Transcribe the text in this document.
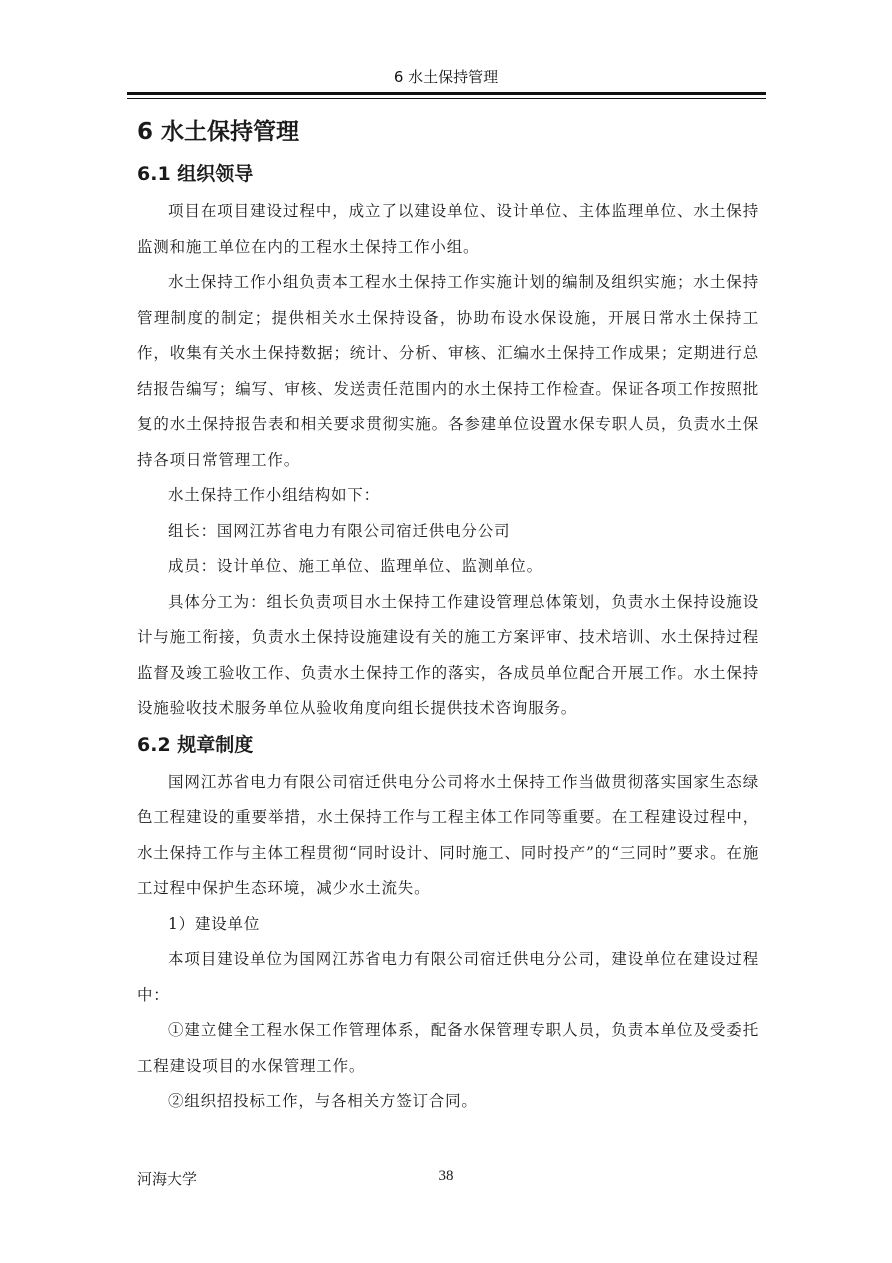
6 水土保持管理
6 水土保持管理
6.1 组织领导

项目在项目建设过程中，成立了以建设单位、设计单位、主体监理单位、水土保持监测和施工单位在内的工程水土保持工作小组。

水土保持工作小组负责本工程水土保持工作实施计划的编制及组织实施；水土保持管理制度的制定；提供相关水土保持设备，协助布设水保设施，开展日常水土保持工作，收集有关水土保持数据；统计、分析、审核、汇编水土保持工作成果；定期进行总结报告编写；编写、审核、发送责任范围内的水土保持工作检查。保证各项工作按照批复的水土保持报告表和相关要求贯彻实施。各参建单位设置水保专职人员，负责水土保持各项日常管理工作。

水土保持工作小组结构如下：

组长：国网江苏省电力有限公司宿迁供电分公司

成员：设计单位、施工单位、监理单位、监测单位。

具体分工为：组长负责项目水土保持工作建设管理总体策划，负责水土保持设施设计与施工衔接，负责水土保持设施建设有关的施工方案评审、技术培训、水土保持过程监督及竣工验收工作、负责水土保持工作的落实，各成员单位配合开展工作。水土保持设施验收技术服务单位从验收角度向组长提供技术咨询服务。

6.2 规章制度

国网江苏省电力有限公司宿迁供电分公司将水土保持工作当做贯彻落实国家生态绿色工程建设的重要举措，水土保持工作与工程主体工作同等重要。在工程建设过程中，水土保持工作与主体工程贯彻“同时设计、同时施工、同时投产”的“三同时”要求。在施工过程中保护生态环境，减少水土流失。

1）建设单位

本项目建设单位为国网江苏省电力有限公司宿迁供电分公司，建设单位在建设过程中：

①建立健全工程水保工作管理体系，配备水保管理专职人员，负责本单位及受委托工程建设项目的水保管理工作。

②组织招投标工作，与各相关方签订合同。

河海大学	38
